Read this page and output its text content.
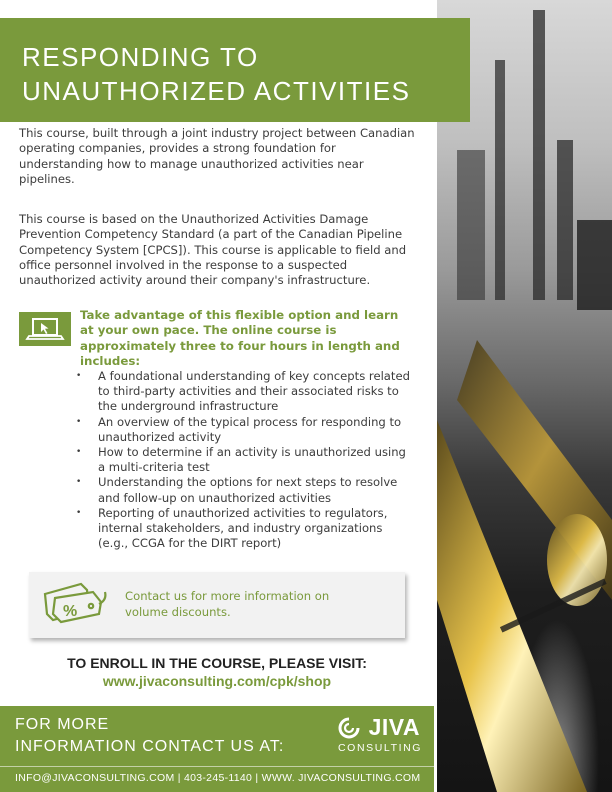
RESPONDING TO
UNAUTHORIZED ACTIVITIES

This course, built through a joint industry project between Canadian operating companies, provides a strong foundation for understanding how to manage unauthorized activities near pipelines.

This course is based on the Unauthorized Activities Damage Prevention Competency Standard (a part of the Canadian Pipeline Competency System [CPCS]). This course is applicable to field and office personnel involved in the response to a suspected unauthorized activity around their company's infrastructure.

Take advantage of this flexible option and learn at your own pace. The online course is approximately three to four hours in length and includes:
• A foundational understanding of key concepts related to third-party activities and their associated risks to the underground infrastructure
• An overview of the typical process for responding to unauthorized activity
• How to determine if an activity is unauthorized using a multi-criteria test
• Understanding the options for next steps to resolve and follow-up on unauthorized activities
• Reporting of unauthorized activities to regulators, internal stakeholders, and industry organizations (e.g., CCGA for the DIRT report)
%
Contact us for more information on volume discounts.
TO ENROLL IN THE COURSE, PLEASE VISIT:
www.jivaconsulting.com/cpk/shop
FOR MORE
INFORMATION CONTACT US AT:
JIVA
CONSULTING
INFO@JIVACONSULTING.COM | 403-245-1140 | WWW. JIVACONSULTING.COM
